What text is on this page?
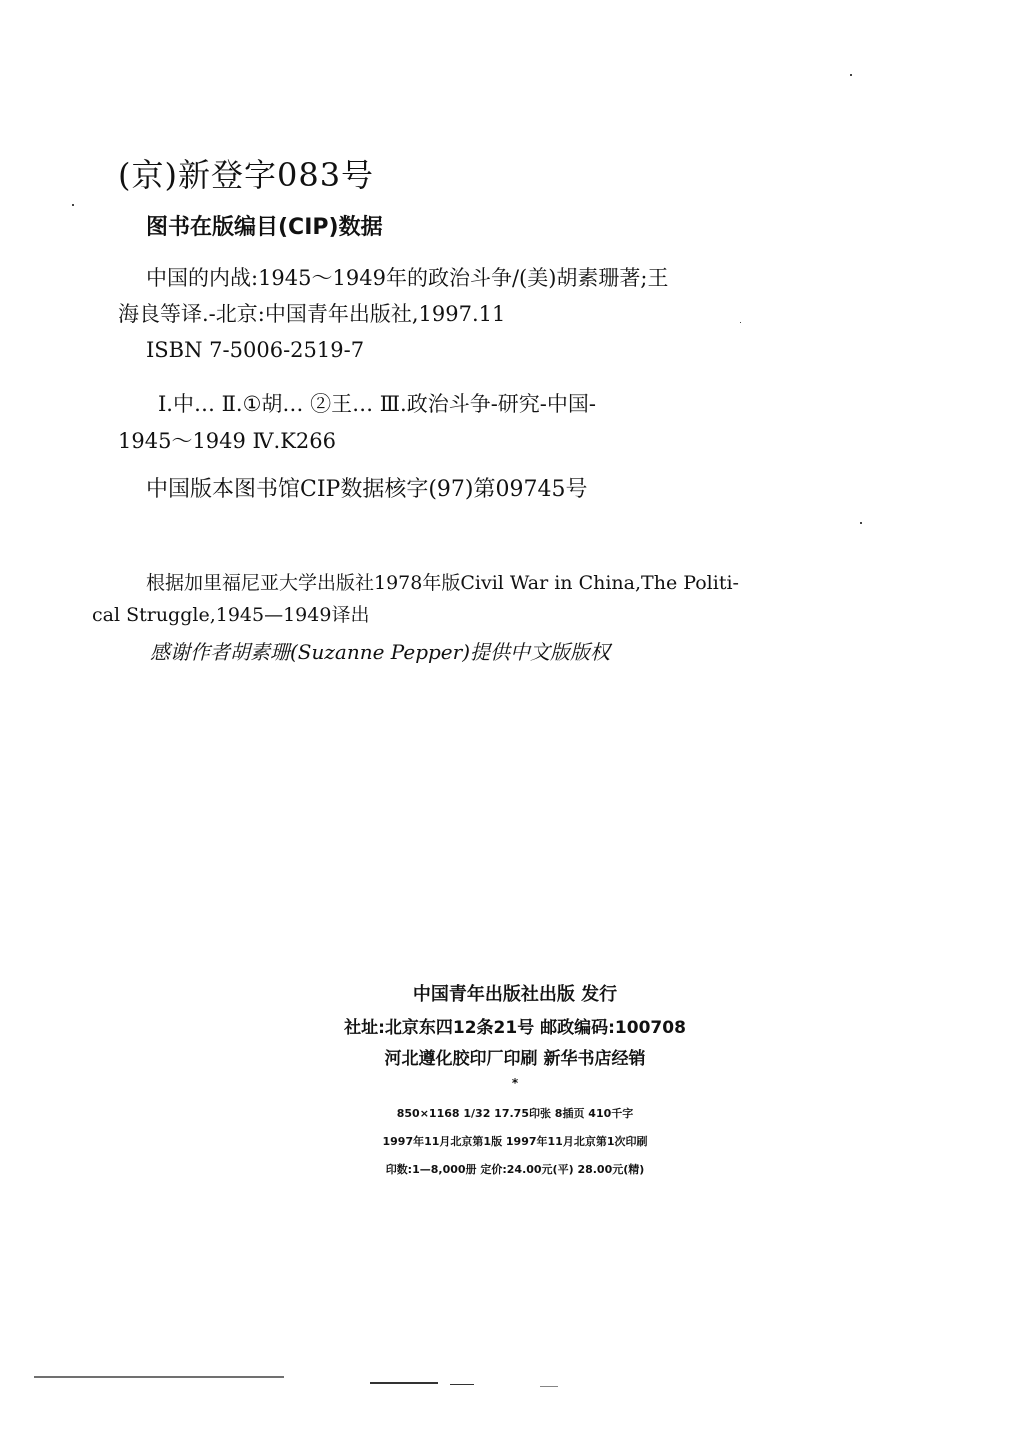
(京)新登字083号
图书在版编目(CIP)数据
中国的内战:1945～1949年的政治斗争/(美)胡素珊著;王
海良等译.-北京:中国青年出版社,1997.11
ISBN 7-5006-2519-7
Ⅰ.中… Ⅱ.①胡… ②王… Ⅲ.政治斗争-研究-中国-
1945～1949 Ⅳ.K266
中国版本图书馆CIP数据核字(97)第09745号
根据加里福尼亚大学出版社1978年版Civil War in China,The Politi-
cal Struggle,1945—1949译出
感谢作者胡素珊(Suzanne Pepper)提供中文版版权
中国青年出版社出版 发行
社址:北京东四12条21号 邮政编码:100708
河北遵化胶印厂印刷 新华书店经销
*
850×1168 1/32 17.75印张 8插页 410千字
1997年11月北京第1版 1997年11月北京第1次印刷
印数:1—8,000册 定价:24.00元(平) 28.00元(精)
